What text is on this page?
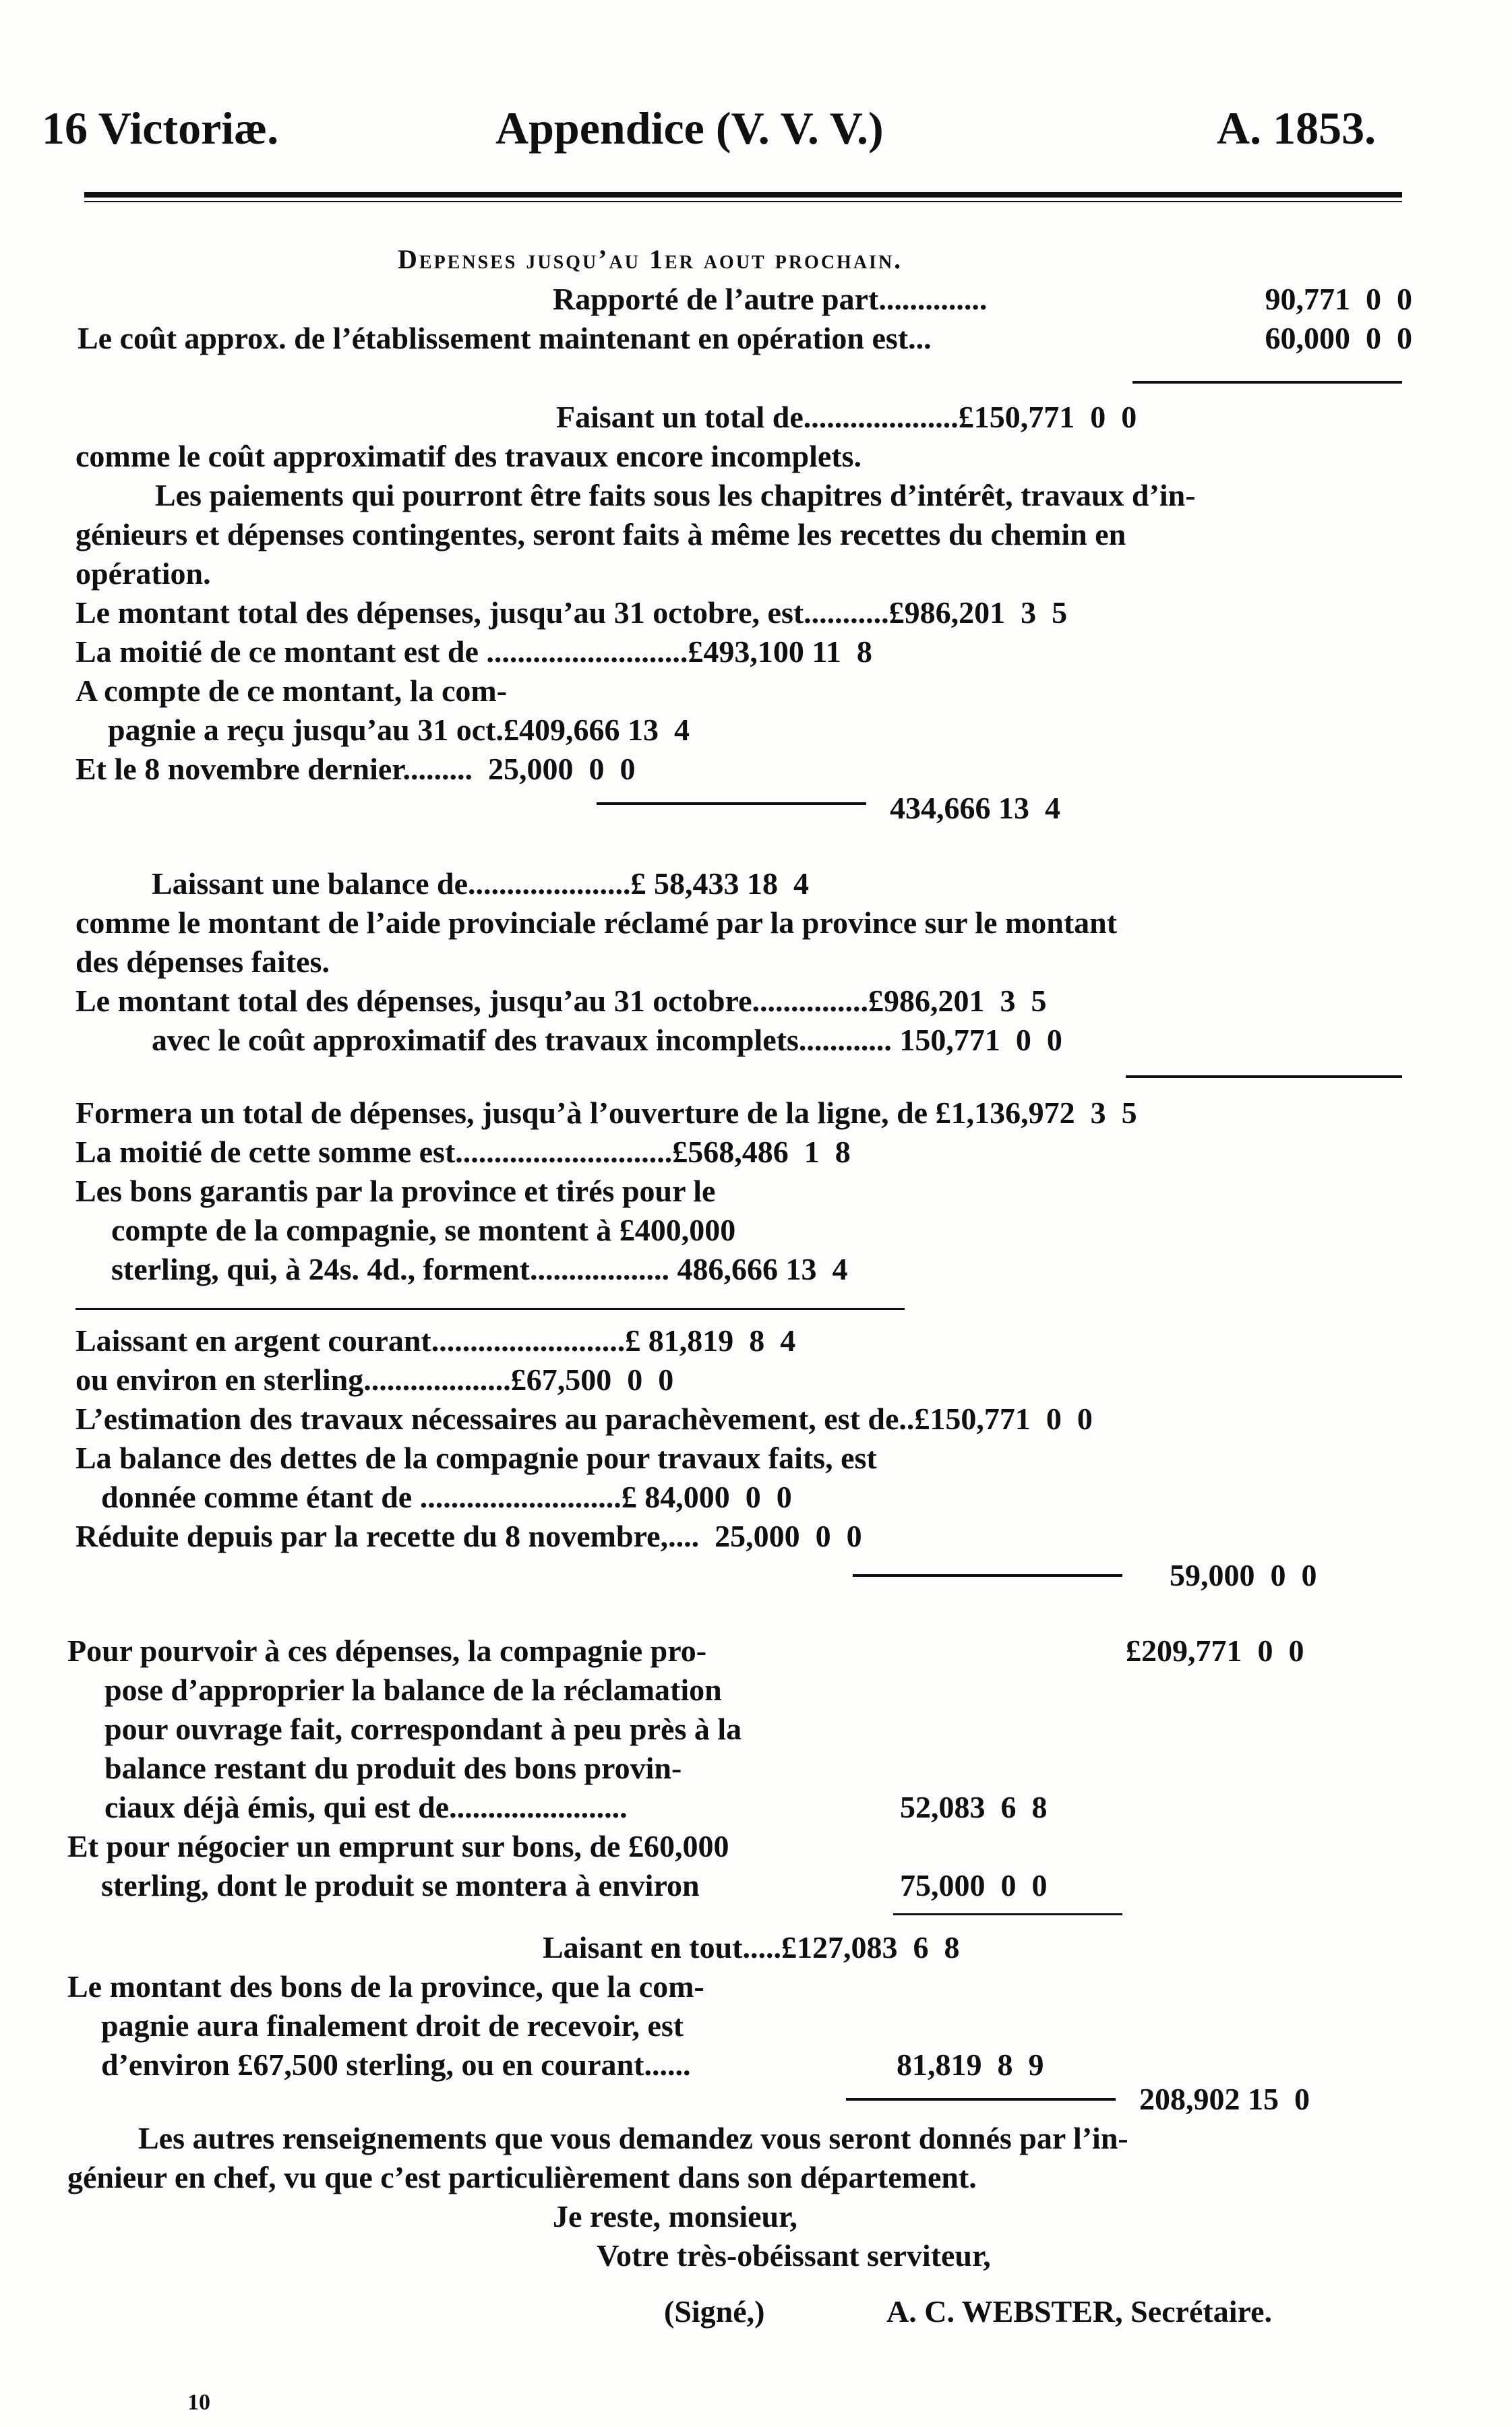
16 Victoriæ.	Appendice (V. V. V.)	A. 1853.
Depenses jusqu’au 1er aout prochain.
Rapporté de l’autre part..............	90,771  0  0
Le coût approx. de l’établissement maintenant en opération est...	60,000  0  0
Faisant un total de....................£150,771  0  0
comme le coût approximatif des travaux encore incomplets.
Les paiements qui pourront être faits sous les chapitres d’intérêt, travaux d’in-
génieurs et dépenses contingentes, seront faits à même les recettes du chemin en
opération.
Le montant total des dépenses, jusqu’au 31 octobre, est...........£986,201  3  5
La moitié de ce montant est de ..........................£493,100 11  8
A compte de ce montant, la com-
pagnie a reçu jusqu’au 31 oct.£409,666 13  4
Et le 8 novembre dernier.........  25,000  0  0
434,666 13  4
Laissant une balance de.....................£ 58,433 18  4
comme le montant de l’aide provinciale réclamé par la province sur le montant
des dépenses faites.
Le montant total des dépenses, jusqu’au 31 octobre...............£986,201  3  5
avec le coût approximatif des travaux incomplets............ 150,771  0  0
Formera un total de dépenses, jusqu’à l’ouverture de la ligne, de £1,136,972  3  5
La moitié de cette somme est............................£568,486  1  8
Les bons garantis par la province et tirés pour le
compte de la compagnie, se montent à £400,000
sterling, qui, à 24s. 4d., forment.................. 486,666 13  4
Laissant en argent courant.........................£ 81,819  8  4
ou environ en sterling...................£67,500  0  0
L’estimation des travaux nécessaires au parachèvement, est de..£150,771  0  0
La balance des dettes de la compagnie pour travaux faits, est
donnée comme étant de ..........................£ 84,000  0  0
Réduite depuis par la recette du 8 novembre,....  25,000  0  0
59,000  0  0
Pour pourvoir à ces dépenses, la compagnie pro-	£209,771  0  0
pose d’approprier la balance de la réclamation
pour ouvrage fait, correspondant à peu près à la
balance restant du produit des bons provin-
ciaux déjà émis, qui est de.......................	52,083  6  8
Et pour négocier un emprunt sur bons, de £60,000
sterling, dont le produit se montera à environ	75,000  0  0
Laisant en tout.....£127,083  6  8
Le montant des bons de la province, que la com-
pagnie aura finalement droit de recevoir, est
d’environ £67,500 sterling, ou en courant......	81,819  8  9
208,902 15  0
Les autres renseignements que vous demandez vous seront donnés par l’in-
génieur en chef, vu que c’est particulièrement dans son département.
Je reste, monsieur,
Votre très-obéissant serviteur,
(Signé,)	A. C. WEBSTER, Secrétaire.
10
